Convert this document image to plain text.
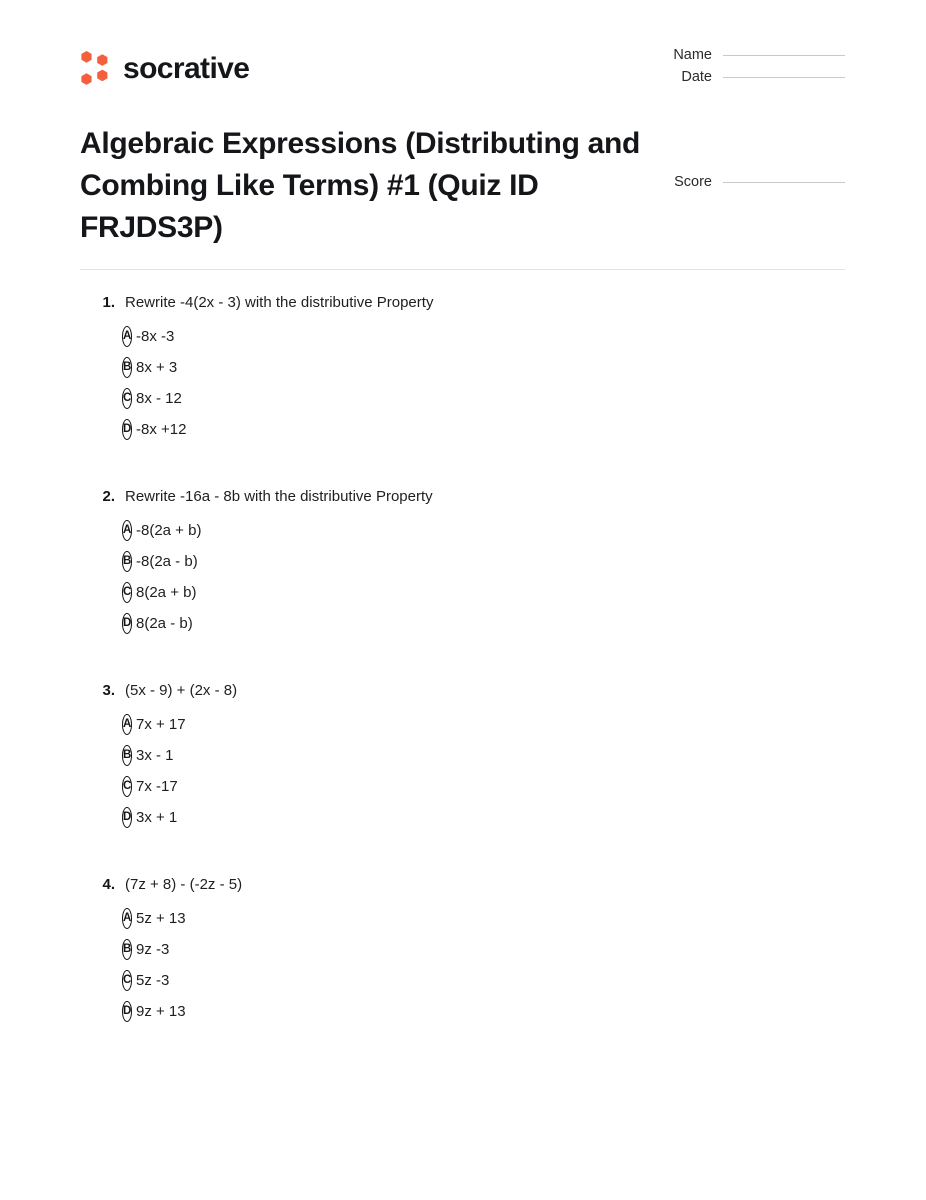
socrative	Name
Date
Algebraic Expressions (Distributing and Combing Like Terms) #1 (Quiz ID FRJDS3P)
Score
1. Rewrite -4(2x - 3) with the distributive Property
A -8x -3
B 8x + 3
C 8x - 12
D -8x +12
2. Rewrite -16a - 8b with the distributive Property
A -8(2a + b)
B -8(2a - b)
C 8(2a + b)
D 8(2a - b)
3. (5x - 9) + (2x - 8)
A 7x + 17
B 3x - 1
C 7x -17
D 3x + 1
4. (7z + 8) - (-2z - 5)
A 5z + 13
B 9z -3
C 5z -3
D 9z + 13
